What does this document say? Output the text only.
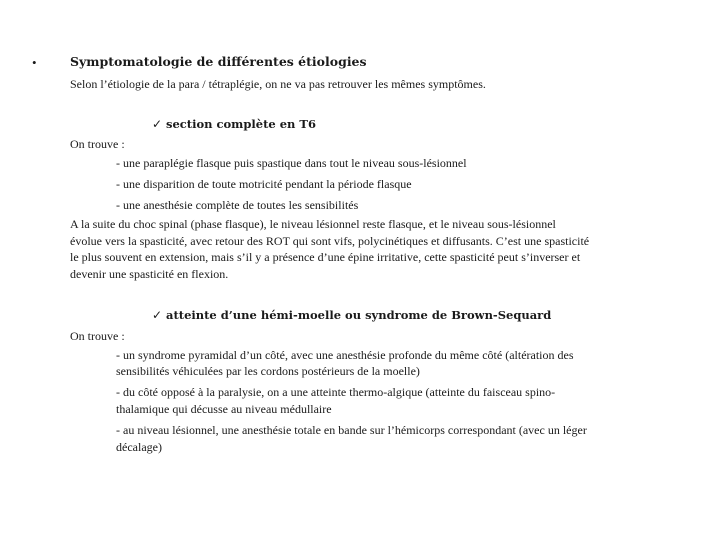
•	Symptomatologie de différentes étiologies
Selon l’étiologie de la para / tétraplégie, on ne va pas retrouver les mêmes symptômes.
✓ section complète en T6
On trouve :
- une paraplégie flasque puis spastique dans tout le niveau sous-lésionnel
- une disparition de toute motricité pendant la période flasque
- une anesthésie complète de toutes les sensibilités
A la suite du choc spinal (phase flasque), le niveau lésionnel reste flasque, et le niveau sous-lésionnel
évolue vers la spasticité, avec retour des ROT qui sont vifs, polycinétiques et diffusants. C’est une spasticité
le plus souvent en extension, mais s’il y a présence d’une épine irritative, cette spasticité peut s’inverser et
devenir une spasticité en flexion.
✓ atteinte d’une hémi-moelle ou syndrome de Brown-Sequard
On trouve :
- un syndrome pyramidal d’un côté, avec une anesthésie profonde du même côté (altération des
sensibilités véhiculées par les cordons postérieurs de la moelle)
- du côté opposé à la paralysie, on a une atteinte thermo-algique (atteinte du faisceau spino-
thalamique qui décusse au niveau médullaire
- au niveau lésionnel, une anesthésie totale en bande sur l’hémicorps correspondant (avec un léger
décalage)
